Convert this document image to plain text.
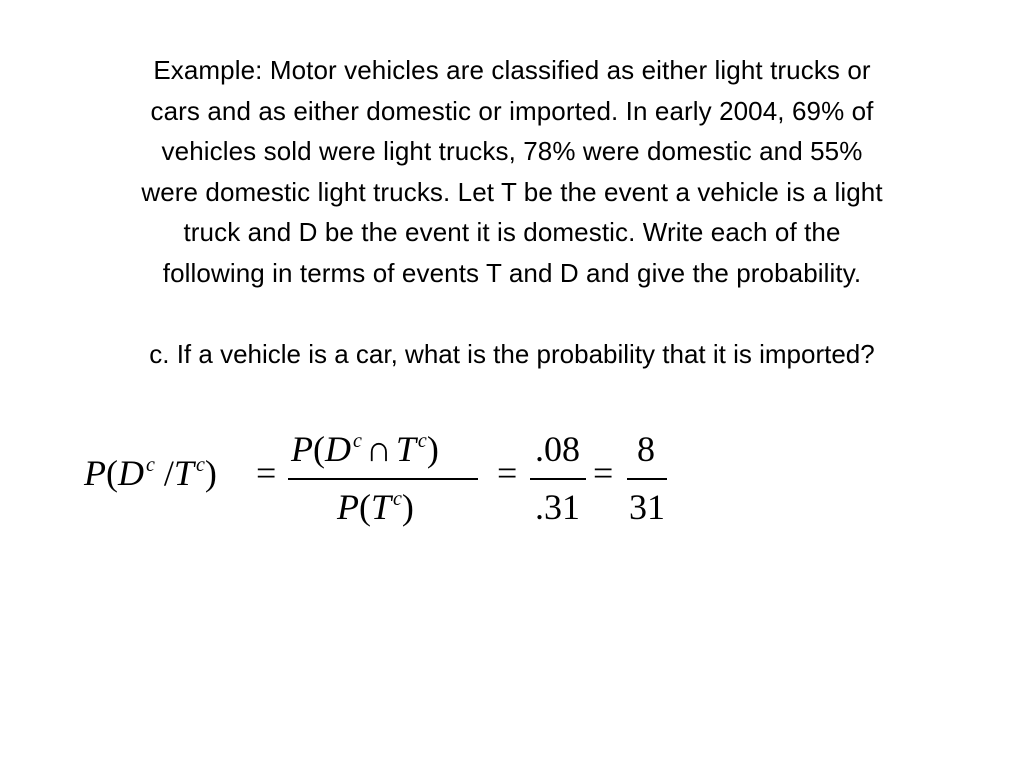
Example: Motor vehicles are classified as either light trucks or
cars and as either domestic or imported. In early 2004, 69% of
vehicles sold were light trucks, 78% were domestic and 55%
were domestic light trucks. Let T be the event a vehicle is a light
truck and D be the event it is domestic. Write each of the
following in terms of events T and D and give the probability.
c. If a vehicle is a car, what is the probability that it is imported?
P(D $^c$ /T $^c$) =
P(D $^c$ ∩ T $^c$)
P(T $^c$)
=
.08
.31
=
8
31
